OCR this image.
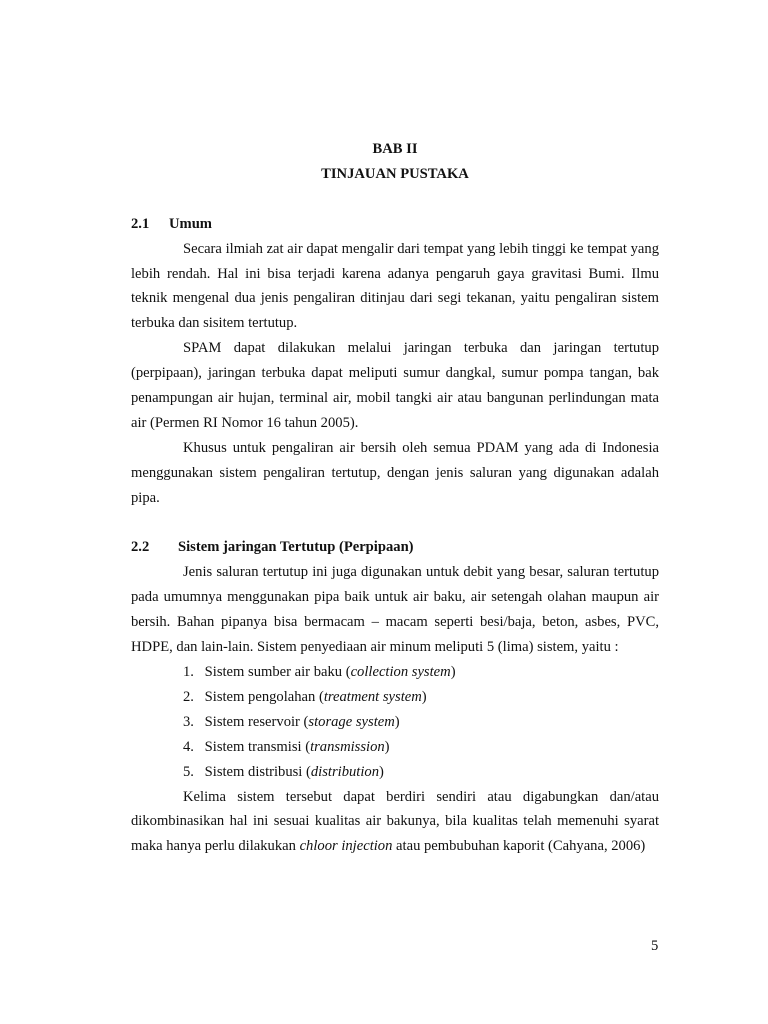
BAB II
TINJAUAN PUSTAKA
2.1 Umum

Secara ilmiah zat air dapat mengalir dari tempat yang lebih tinggi ke tempat yang lebih rendah. Hal ini bisa terjadi karena adanya pengaruh gaya gravitasi Bumi. Ilmu teknik mengenal dua jenis pengaliran ditinjau dari segi tekanan, yaitu pengaliran sistem terbuka dan sisitem tertutup.

SPAM dapat dilakukan melalui jaringan terbuka dan jaringan tertutup (perpipaan), jaringan terbuka dapat meliputi sumur dangkal, sumur pompa tangan, bak penampungan air hujan, terminal air, mobil tangki air atau bangunan perlindungan mata air (Permen RI Nomor 16 tahun 2005).

Khusus untuk pengaliran air bersih oleh semua PDAM yang ada di Indonesia menggunakan sistem pengaliran tertutup, dengan jenis saluran yang digunakan adalah pipa.

2.2 Sistem jaringan Tertutup (Perpipaan)

Jenis saluran tertutup ini juga digunakan untuk debit yang besar, saluran tertutup pada umumnya menggunakan pipa baik untuk air baku, air setengah olahan maupun air bersih. Bahan pipanya bisa bermacam – macam seperti besi/baja, beton, asbes, PVC, HDPE, dan lain-lain. Sistem penyediaan air minum meliputi 5 (lima) sistem, yaitu :

1. Sistem sumber air baku (collection system)
2. Sistem pengolahan (treatment system)
3. Sistem reservoir (storage system)
4. Sistem transmisi (transmission)
5. Sistem distribusi (distribution)

Kelima sistem tersebut dapat berdiri sendiri atau digabungkan dan/atau dikombinasikan hal ini sesuai kualitas air bakunya, bila kualitas telah memenuhi syarat maka hanya perlu dilakukan chloor injection atau pembubuhan kaporit (Cahyana, 2006)

5
